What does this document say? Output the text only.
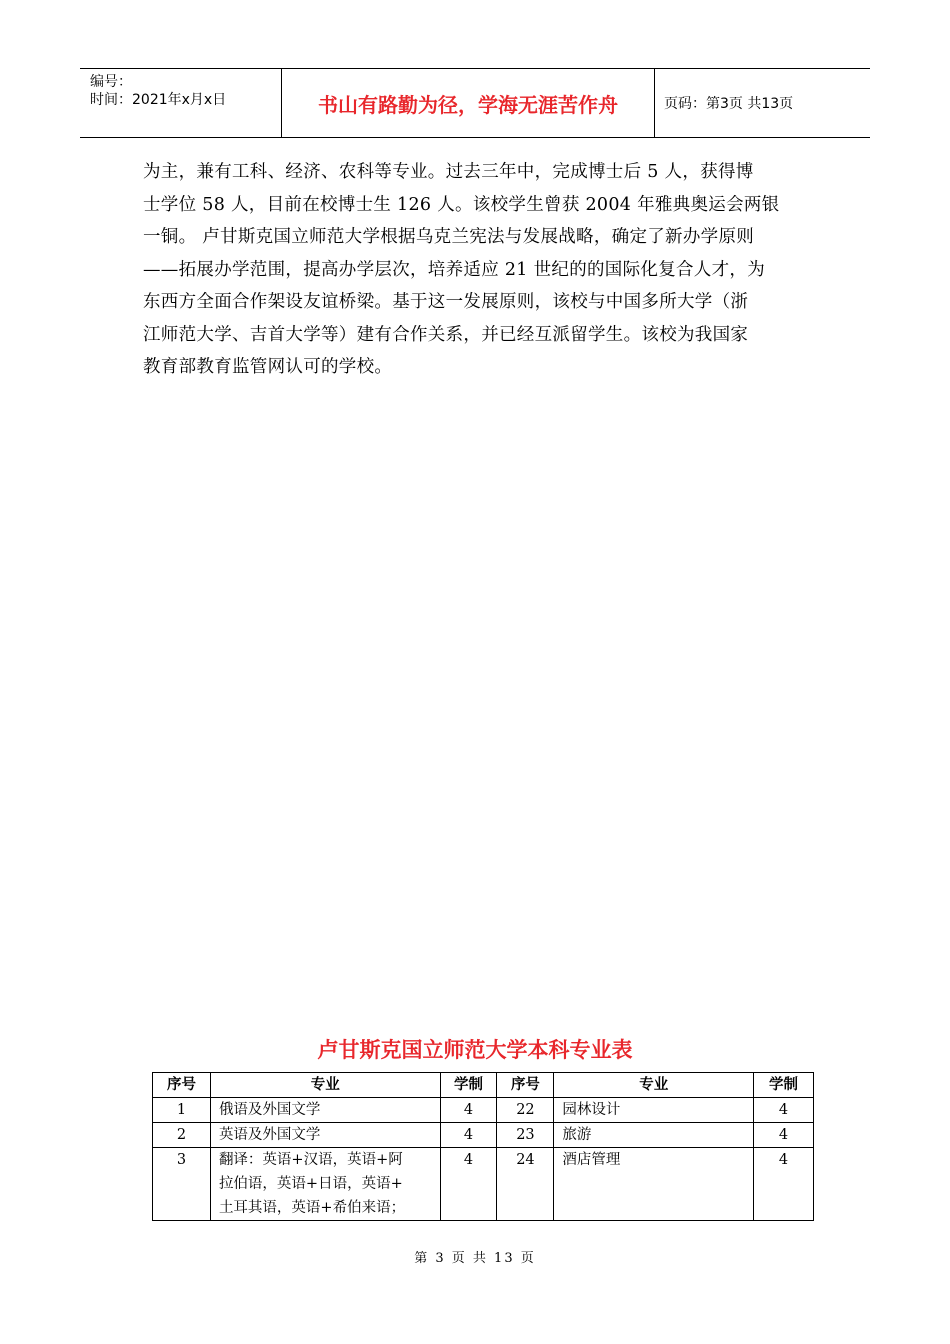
编号：
时间：2021年x月x日	书山有路勤为径，学海无涯苦作舟	页码：第3页 共13页
为主，兼有工科、经济、农科等专业。过去三年中，完成博士后 5 人，获得博
士学位 58 人，目前在校博士生 126 人。该校学生曾获 2004 年雅典奥运会两银
一铜。 卢甘斯克国立师范大学根据乌克兰宪法与发展战略，确定了新办学原则
——拓展办学范围，提高办学层次，培养适应 21 世纪的的国际化复合人才，为
东西方全面合作架设友谊桥梁。基于这一发展原则，该校与中国多所大学（浙
江师范大学、吉首大学等）建有合作关系，并已经互派留学生。该校为我国家
教育部教育监管网认可的学校。
卢甘斯克国立师范大学本科专业表
序号	专业	学制	序号	专业	学制
1	俄语及外国文学	4	22	园林设计	4
2	英语及外国文学	4	23	旅游	4
3	翻译：英语+汉语，英语+阿
拉伯语，英语+日语，英语+
土耳其语，英语+希伯来语；	4	24	酒店管理	4
第 3 页 共 13 页
